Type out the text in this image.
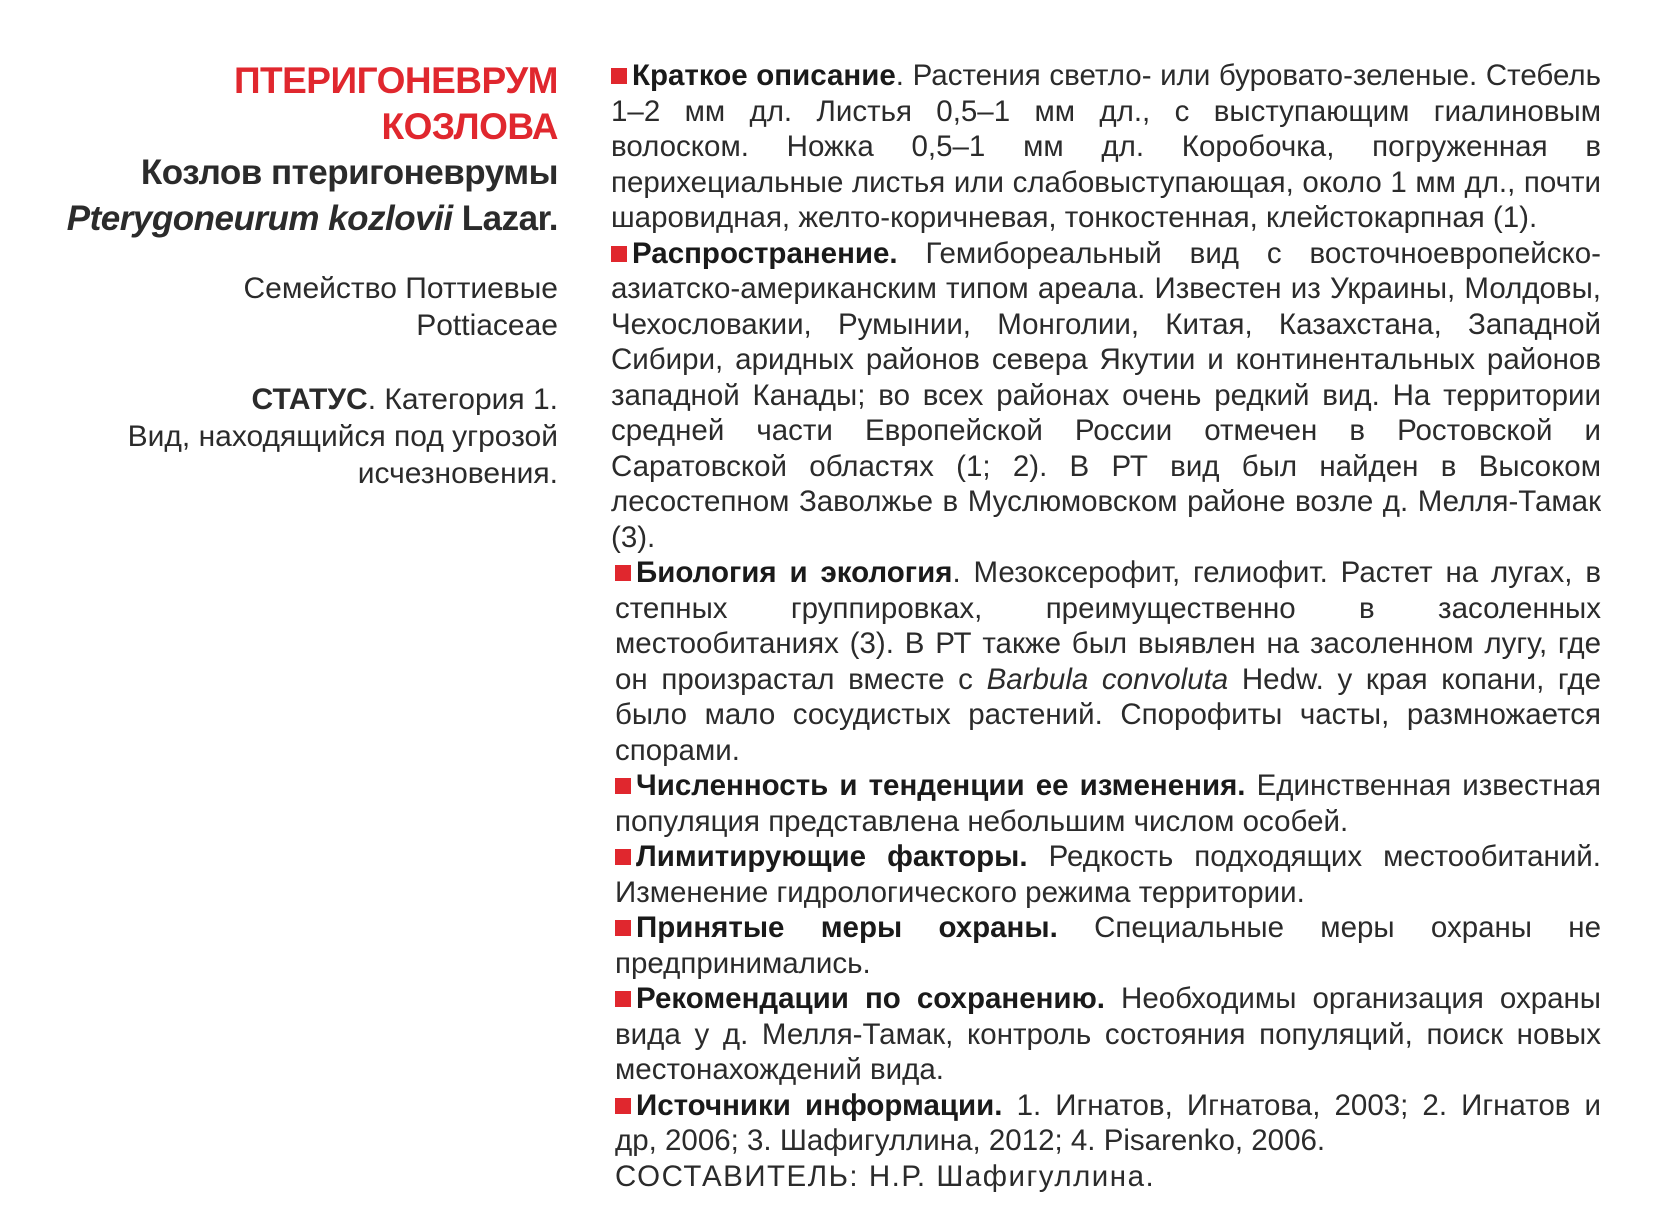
ПТЕРИГОНЕВРУМ КОЗЛОВА
Козлов птеригоневрумы
Pterygoneurum kozlovii Lazar.
Семейство Поттиевые
Pottiaceae
СТАТУС. Категория 1.
Вид, находящийся под угрозой
исчезновения.

Краткое описание. Растения светло- или буровато-зеленые. Стебель 1–2 мм дл. Листья 0,5–1 мм дл., с выступающим гиалиновым волоском. Ножка 0,5–1 мм дл. Коробочка, погруженная в перихециальные листья или слабовыступающая, около 1 мм дл., почти шаровидная, желто-коричневая, тонкостенная, клейстокарпная (1).

Распространение. Гемибореальный вид с восточноевропейско-азиатско-американским типом ареала. Известен из Украины, Молдовы, Чехословакии, Румынии, Монголии, Китая, Казахстана, Западной Сибири, аридных районов севера Якутии и континентальных районов западной Канады; во всех районах очень редкий вид. На территории средней части Европейской России отмечен в Ростовской и Саратовской областях (1; 2). В РТ вид был найден в Высоком лесостепном Заволжье в Муслюмовском районе возле д. Мелля-Тамак (3).

Биология и экология. Мезоксерофит, гелиофит. Растет на лугах, в степных группировках, преимущественно в засоленных местообитаниях (3). В РТ также был выявлен на засоленном лугу, где он произрастал вместе с Barbula convoluta Hedw. у края копани, где было мало сосудистых растений. Спорофиты часты, размножается спорами.

Численность и тенденции ее изменения. Единственная известная популяция представлена небольшим числом особей.

Лимитирующие факторы. Редкость подходящих местообитаний. Изменение гидрологического режима территории.

Принятые меры охраны. Специальные меры охраны не предпринимались.

Рекомендации по сохранению. Необходимы организация охраны вида у д. Мелля-Тамак, контроль состояния популяций, поиск новых местонахождений вида.

Источники информации. 1. Игнатов, Игнатова, 2003; 2. Игнатов и др, 2006; 3. Шафигуллина, 2012; 4. Pisarenko, 2006.

СОСТАВИТЕЛЬ: Н.Р. Шафигуллина.
